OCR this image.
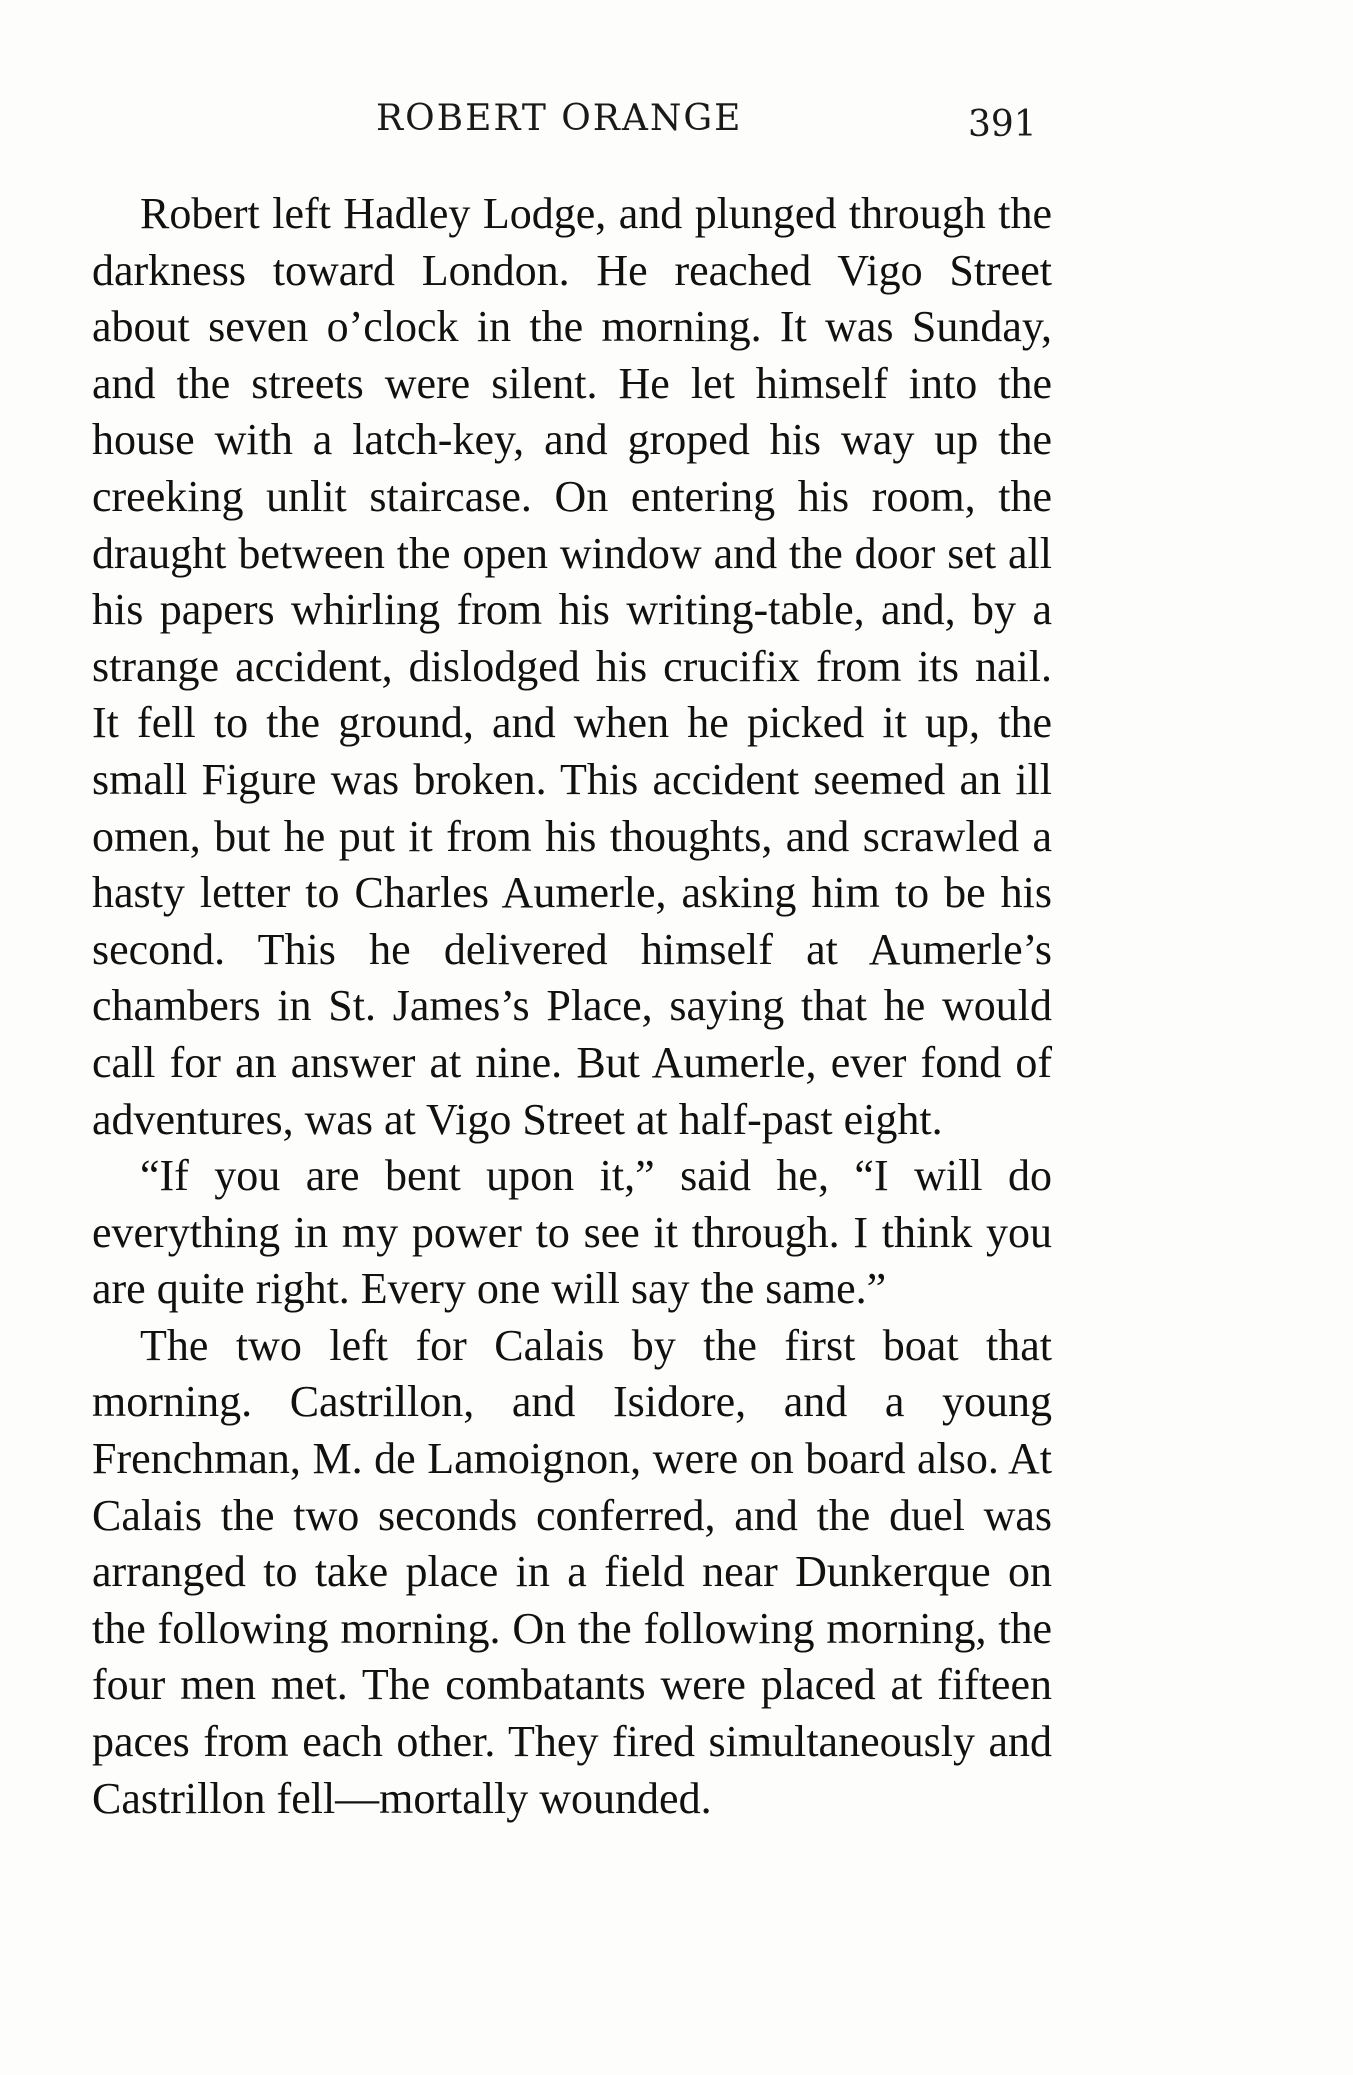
ROBERT ORANGE	391

Robert left Hadley Lodge, and plunged through the darkness toward London. He reached Vigo Street about seven o’clock in the morning. It was Sunday, and the streets were silent. He let himself into the house with a latch-key, and groped his way up the creeking unlit staircase. On entering his room, the draught between the open window and the door set all his papers whirling from his writing-table, and, by a strange accident, dislodged his crucifix from its nail. It fell to the ground, and when he picked it up, the small Figure was broken. This accident seemed an ill omen, but he put it from his thoughts, and scrawled a hasty letter to Charles Aumerle, asking him to be his second. This he delivered himself at Aumerle’s chambers in St. James’s Place, saying that he would call for an answer at nine. But Aumerle, ever fond of adventures, was at Vigo Street at half-past eight.

“If you are bent upon it,” said he, “I will do everything in my power to see it through. I think you are quite right. Every one will say the same.”

The two left for Calais by the first boat that morning. Castrillon, and Isidore, and a young Frenchman, M. de Lamoignon, were on board also. At Calais the two seconds conferred, and the duel was arranged to take place in a field near Dunkerque on the following morning. On the following morning, the four men met. The combatants were placed at fifteen paces from each other. They fired simultaneously and Castrillon fell—mortally wounded.
